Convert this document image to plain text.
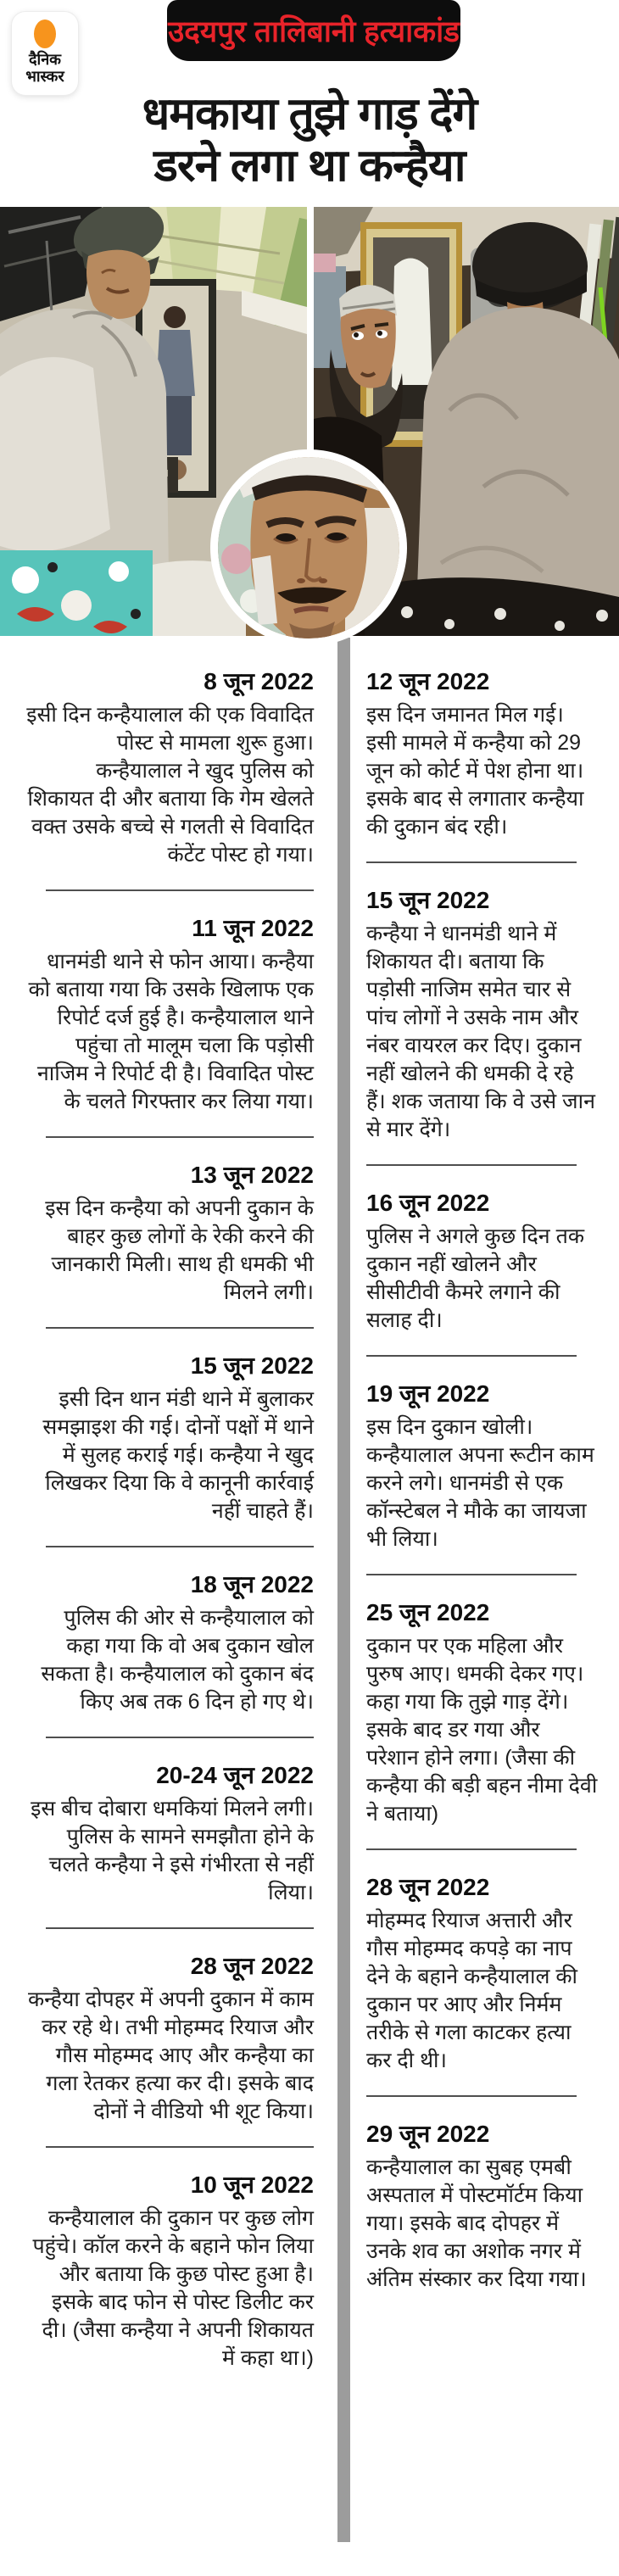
दैनिक
भास्कर
उदयपुर तालिबानी हत्याकांड
धमकाया तुझे गाड़ देंगे
डरने लगा था कन्हैया
8 जून 2022

इसी दिन कन्हैयालाल की एक विवादित पोस्ट से मामला शुरू हुआ। कन्हैयालाल ने खुद पुलिस को शिकायत दी और बताया कि गेम खेलते वक्त उसके बच्चे से गलती से विवादित कंटेंट पोस्ट हो गया।

11 जून 2022

धानमंडी थाने से फोन आया। कन्हैया को बताया गया कि उसके खिलाफ एक रिपोर्ट दर्ज हुई है। कन्हैयालाल थाने पहुंचा तो मालूम चला कि पड़ोसी नाजिम ने रिपोर्ट दी है। विवादित पोस्ट के चलते गिरफ्तार कर लिया गया।

13 जून 2022

इस दिन कन्हैया को अपनी दुकान के बाहर कुछ लोगों के रेकी करने की जानकारी मिली। साथ ही धमकी भी मिलने लगी।

15 जून 2022

इसी दिन थान मंडी थाने में बुलाकर समझाइश की गई। दोनों पक्षों में थाने में सुलह कराई गई। कन्हैया ने खुद लिखकर दिया कि वे कानूनी कार्रवाई नहीं चाहते हैं।

18 जून 2022

पुलिस की ओर से कन्हैयालाल को कहा गया कि वो अब दुकान खोल सकता है। कन्हैयालाल को दुकान बंद किए अब तक 6 दिन हो गए थे।

20-24 जून 2022

इस बीच दोबारा धमकियां मिलने लगी। पुलिस के सामने समझौता होने के चलते कन्हैया ने इसे गंभीरता से नहीं लिया।

28 जून 2022

कन्हैया दोपहर में अपनी दुकान में काम कर रहे थे। तभी मोहम्मद रियाज और गौस मोहम्मद आए और कन्हैया का गला रेतकर हत्या कर दी। इसके बाद दोनों ने वीडियो भी शूट किया।

10 जून 2022

कन्हैयालाल की दुकान पर कुछ लोग पहुंचे। कॉल करने के बहाने फोन लिया और बताया कि कुछ पोस्ट हुआ है। इसके बाद फोन से पोस्ट डिलीट कर दी। (जैसा कन्हैया ने अपनी शिकायत में कहा था।)

12 जून 2022

इस दिन जमानत मिल गई। इसी मामले में कन्हैया को 29 जून को कोर्ट में पेश होना था। इसके बाद से लगातार कन्हैया की दुकान बंद रही।

15 जून 2022

कन्हैया ने धानमंडी थाने में शिकायत दी। बताया कि पड़ोसी नाजिम समेत चार से पांच लोगों ने उसके नाम और नंबर वायरल कर दिए। दुकान नहीं खोलने की धमकी दे रहे हैं। शक जताया कि वे उसे जान से मार देंगे।

16 जून 2022

पुलिस ने अगले कुछ दिन तक दुकान नहीं खोलने और सीसीटीवी कैमरे लगाने की सलाह दी।

19 जून 2022

इस दिन दुकान खोली। कन्हैयालाल अपना रूटीन काम करने लगे। धानमंडी से एक कॉन्स्टेबल ने मौके का जायजा भी लिया।

25 जून 2022

दुकान पर एक महिला और पुरुष आए। धमकी देकर गए। कहा गया कि तुझे गाड़ देंगे। इसके बाद डर गया और परेशान होने लगा। (जैसा की कन्हैया की बड़ी बहन नीमा देवी ने बताया)

28 जून 2022

मोहम्मद रियाज अत्तारी और गौस मोहम्मद कपड़े का नाप देने के बहाने कन्हैयालाल की दुकान पर आए और निर्मम तरीके से गला काटकर हत्या कर दी थी।

29 जून 2022

कन्हैयालाल का सुबह एमबी अस्पताल में पोस्टमॉर्टम किया गया। इसके बाद दोपहर में उनके शव का अशोक नगर में अंतिम संस्कार कर दिया गया।
